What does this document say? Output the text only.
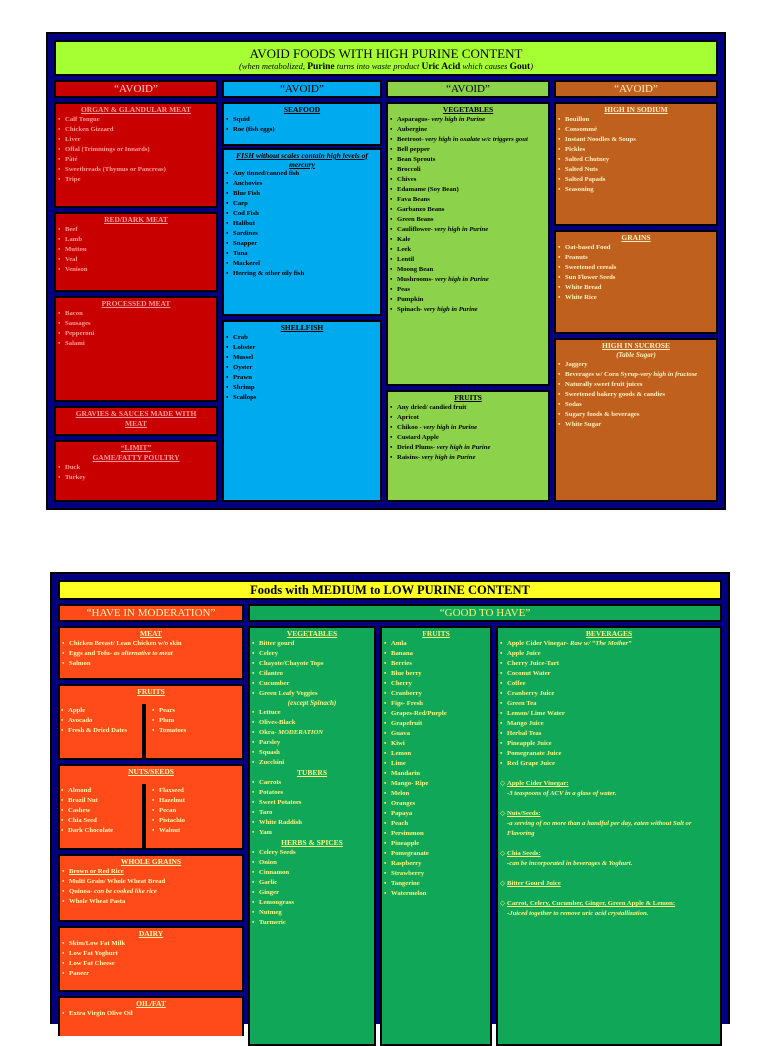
AVOID FOODS WITH HIGH PURINE CONTENT
(when metabolized, Purine turns into waste product Uric Acid which causes Gout)
“AVOID”	“AVOID”	“AVOID”	“AVOID”
ORGAN & GLANDULAR MEAT
• Calf Tongue
• Chicken Gizzard
• Liver
• Offal (Trimmings or Innards)
• Pâté
• Sweetbreads (Thymus or Pancreas)
• Tripe
RED/DARK MEAT
• Beef
• Lamb
• Mutton
• Veal
• Venison
PROCESSED MEAT
• Bacon
• Sausages
• Pepperoni
• Salami
GRAVIES & SAUCES MADE WITH MEAT
“LIMIT”
GAME/FATTY POULTRY
• Duck
• Turkey
SEAFOOD
• Squid
• Roe (fish eggs)
FISH without scales contain high levels of mercury
• Any tinned/canned fish
• Anchovies
• Blue Fish
• Carp
• Cod Fish
• Halibut
• Sardines
• Snapper
• Tuna
• Mackerel
• Herring & other oily fish
SHELLFISH
• Crab
• Lobster
• Mussel
• Oyster
• Prawn
• Shrimp
• Scallops
VEGETABLES
• Asparagus- very high in Purine
• Aubergine
• Beetroot- very high in oxalate w/c triggers gout
• Bell pepper
• Bean Sprouts
• Broccoli
• Chives
• Edamame (Soy Bean)
• Fava Beans
• Garbanzo Beans
• Green Beans
• Cauliflower- very high in Purine
• Kale
• Leek
• Lentil
• Moong Bean
• Mushrooms- very high in Purine
• Peas
• Pumpkin
• Spinach- very high in Purine
FRUITS
• Any dried/ candied fruit
• Apricot
• Chikoo - very high in Purine
• Custard Apple
• Dried Plums- very high in Purine
• Raisins- very high in Purine
HIGH IN SODIUM
• Bouillon
• Consommé
• Instant Noodles & Soups
• Pickles
• Salted Chutney
• Salted Nuts
• Salted Papads
• Seasoning
GRAINS
• Oat-based Food
• Peanuts
• Sweetened cereals
• Sun Flower Seeds
• White Bread
• White Rice
HIGH IN SUCROSE
(Table Sugar)
• Jaggery
• Beverages w/ Corn Syrup-very high in fructose
• Naturally sweet fruit juices
• Sweetened bakery goods & candies
• Sodas
• Sugary foods & beverages
• White Sugar
Foods with MEDIUM to LOW PURINE CONTENT
“HAVE IN MODERATION”	“GOOD TO HAVE”
MEAT
• Chicken Breast/ Lean Chicken w/o skin
• Eggs and Tofu- as alternative to meat
• Salmon
FRUITS
• Apple
• Avocado
• Fresh & Dried Dates
• Pears
• Plum
• Tomatoes
NUTS/SEEDS
• Almond
• Brazil Nut
• Cashew
• Chia Seed
• Dark Chocolate
• Flaxseed
• Hazelnut
• Pecan
• Pistachio
• Walnut
WHOLE GRAINS
• Brown or Red Rice
• Multi Grain/ Whole Wheat Bread
• Quinoa- can be cooked like rice
• Whole Wheat Pasta
DAIRY
• Skim/Low Fat Milk
• Low Fat Yoghurt
• Low Fat Cheese
• Paneer
OIL/FAT
• Extra Virgin Olive Oil
VEGETABLES
• Bitter gourd
• Celery
• Chayote/Chayote Tops
• Cilantro
• Cucumber
• Green Leafy Veggies
(except Spinach)
• Lettuce
• Olives-Black
• Okra- MODERATION
• Parsley
• Squash
• Zucchini
TUBERS
• Carrots
• Potatoes
• Sweet Potatoes
• Taro
• White Raddish
• Yam
HERBS & SPICES
• Celery Seeds
• Onion
• Cinnamon
• Garlic
• Ginger
• Lemongrass
• Nutmeg
• Turmeric
FRUITS
• Amla
• Banana
• Berries
• Blue berry
• Cherry
• Cranberry
• Figs- Fresh
• Grapes-Red/Purple
• Grapefruit
• Guava
• Kiwi
• Lemon
• Lime
• Mandarin
• Mango- Ripe
• Melon
• Oranges
• Papaya
• Peach
• Persimmon
• Pineapple
• Pomegranate
• Raspberry
• Strawberry
• Tangerine
• Watermelon
BEVERAGES
• Apple Cider Vinegar- Raw w/ “The Mother”
• Apple Juice
• Cherry Juice-Tart
• Coconut Water
• Coffee
• Cranberry Juice
• Green Tea
• Lemon/ Lime Water
• Mango Juice
• Herbal Teas
• Pineapple Juice
• Pomegranate Juice
• Red Grape Juice
◇ Apple Cider Vinegar:
-3 teaspoons of ACV in a glass of water.
◇ Nuts/Seeds:
-a serving of no more than a handful per day, eaten without Salt or Flavoring
◇ Chia Seeds:
-can be incorporated in beverages & Yoghurt.
◇ Bitter Gourd Juice
◇ Carrot, Celery, Cucumber, Ginger, Green Apple & Lemon:
-Juiced together to remove uric acid crystallization.
